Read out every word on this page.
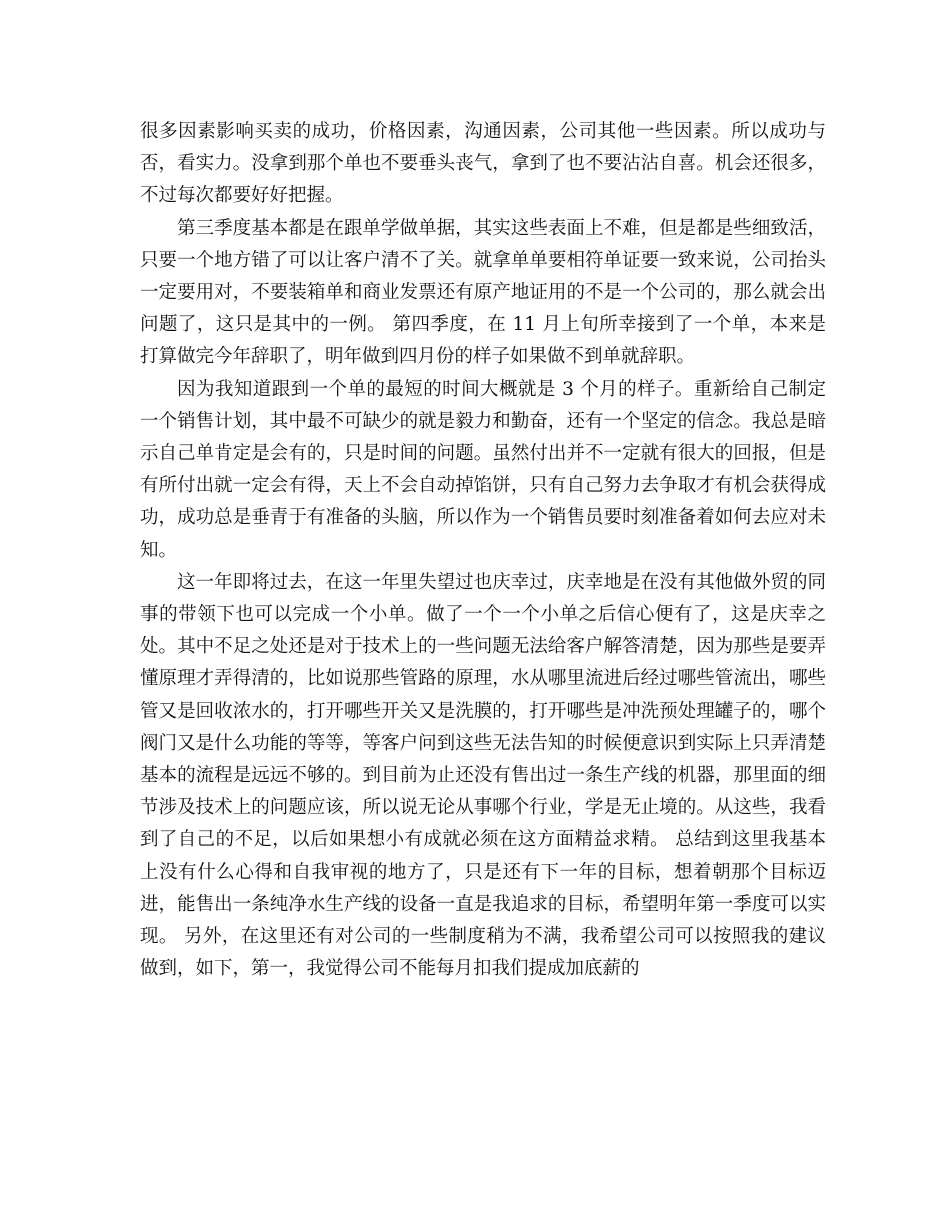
很多因素影响买卖的成功，价格因素，沟通因素，公司其他一些因素。所以成功与否，看实力。没拿到那个单也不要垂头丧气，拿到了也不要沾沾自喜。机会还很多，不过每次都要好好把握。

第三季度基本都是在跟单学做单据，其实这些表面上不难，但是都是些细致活，只要一个地方错了可以让客户清不了关。就拿单单要相符单证要一致来说，公司抬头一定要用对，不要装箱单和商业发票还有原产地证用的不是一个公司的，那么就会出问题了，这只是其中的一例。 第四季度，在 11 月上旬所幸接到了一个单，本来是打算做完今年辞职了，明年做到四月份的样子如果做不到单就辞职。

因为我知道跟到一个单的最短的时间大概就是 3 个月的样子。重新给自己制定一个销售计划，其中最不可缺少的就是毅力和勤奋，还有一个坚定的信念。我总是暗示自己单肯定是会有的，只是时间的问题。虽然付出并不一定就有很大的回报，但是有所付出就一定会有得，天上不会自动掉馅饼，只有自己努力去争取才有机会获得成功，成功总是垂青于有准备的头脑，所以作为一个销售员要时刻准备着如何去应对未知。

这一年即将过去，在这一年里失望过也庆幸过，庆幸地是在没有其他做外贸的同事的带领下也可以完成一个小单。做了一个一个小单之后信心便有了，这是庆幸之处。其中不足之处还是对于技术上的一些问题无法给客户解答清楚，因为那些是要弄懂原理才弄得清的，比如说那些管路的原理，水从哪里流进后经过哪些管流出，哪些管又是回收浓水的，打开哪些开关又是洗膜的，打开哪些是冲洗预处理罐子的，哪个阀门又是什么功能的等等，等客户问到这些无法告知的时候便意识到实际上只弄清楚基本的流程是远远不够的。到目前为止还没有售出过一条生产线的机器，那里面的细节涉及技术上的问题应该，所以说无论从事哪个行业，学是无止境的。从这些，我看到了自己的不足，以后如果想小有成就必须在这方面精益求精。 总结到这里我基本上没有什么心得和自我审视的地方了，只是还有下一年的目标，想着朝那个目标迈进，能售出一条纯净水生产线的设备一直是我追求的目标，希望明年第一季度可以实现。 另外，在这里还有对公司的一些制度稍为不满，我希望公司可以按照我的建议做到，如下，第一，我觉得公司不能每月扣我们提成加底薪的
